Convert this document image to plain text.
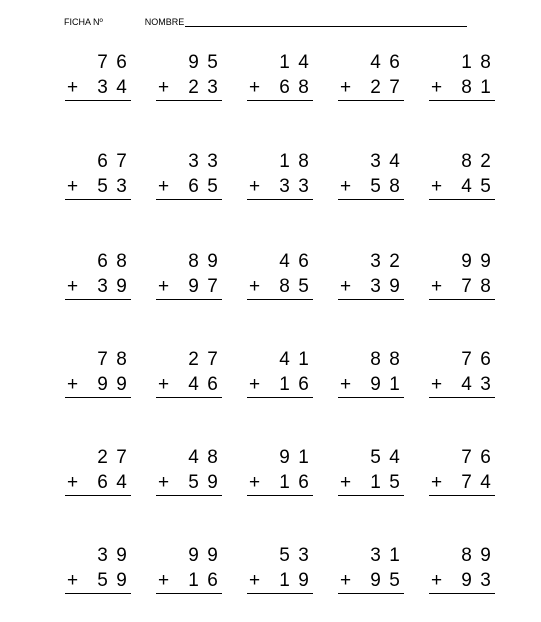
FICHA Nº	NOMBRE
7 6
+	3 4
9 5
+	2 3
1 4
+	6 8
4 6
+	2 7
1 8
+	8 1
6 7
+	5 3
3 3
+	6 5
1 8
+	3 3
3 4
+	5 8
8 2
+	4 5
6 8
+	3 9
8 9
+	9 7
4 6
+	8 5
3 2
+	3 9
9 9
+	7 8
7 8
+	9 9
2 7
+	4 6
4 1
+	1 6
8 8
+	9 1
7 6
+	4 3
2 7
+	6 4
4 8
+	5 9
9 1
+	1 6
5 4
+	1 5
7 6
+	7 4
3 9
+	5 9
9 9
+	1 6
5 3
+	1 9
3 1
+	9 5
8 9
+	9 3
